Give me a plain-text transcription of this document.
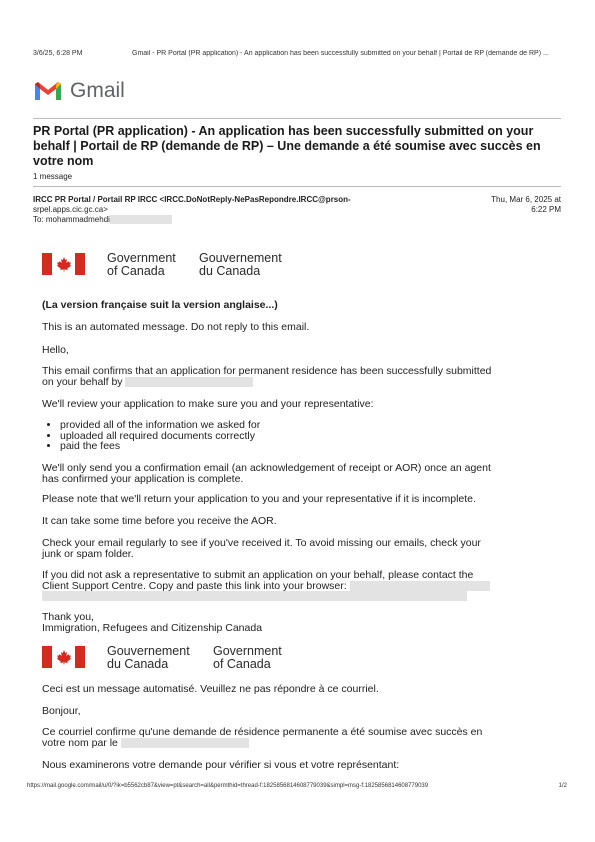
3/6/25, 6:28 PM	Gmail - PR Portal (PR application) - An application has been successfully submitted on your behalf | Portail de RP (demande de RP) ...
Gmail
PR Portal (PR application) - An application has been successfully submitted on your behalf | Portail de RP (demande de RP) – Une demande a été soumise avec succès en votre nom
1 message
IRCC PR Portal / Portail RP IRCC <IRCC.DoNotReply-NePasRepondre.IRCC@prson-
srpel.apps.cic.gc.ca>
Thu, Mar 6, 2025 at
6:22 PM
To: mohammadmehdi
Government
of Canada
Gouvernement
du Canada
(La version française suit la version anglaise...)
This is an automated message. Do not reply to this email.
Hello,
This email confirms that an application for permanent residence has been successfully submitted
on your behalf by
We'll review your application to make sure you and your representative:
• provided all of the information we asked for
• uploaded all required documents correctly
• paid the fees
We'll only send you a confirmation email (an acknowledgement of receipt or AOR) once an agent
has confirmed your application is complete.
Please note that we'll return your application to you and your representative if it is incomplete.
It can take some time before you receive the AOR.
Check your email regularly to see if you've received it. To avoid missing our emails, check your
junk or spam folder.
If you did not ask a representative to submit an application on your behalf, please contact the
Client Support Centre. Copy and paste this link into your browser:
Thank you,
Immigration, Refugees and Citizenship Canada
Gouvernement
du Canada
Government
of Canada
Ceci est un message automatisé. Veuillez ne pas répondre à ce courriel.
Bonjour,
Ce courriel confirme qu'une demande de résidence permanente a été soumise avec succès en
votre nom par le
Nous examinerons votre demande pour vérifier si vous et votre représentant:
https://mail.google.com/mail/u/0/?ik=b5562cb87&view=pt&search=all&permthid=thread-f:1825856814608779039&simpl=msg-f:1825856814608779039	1/2
